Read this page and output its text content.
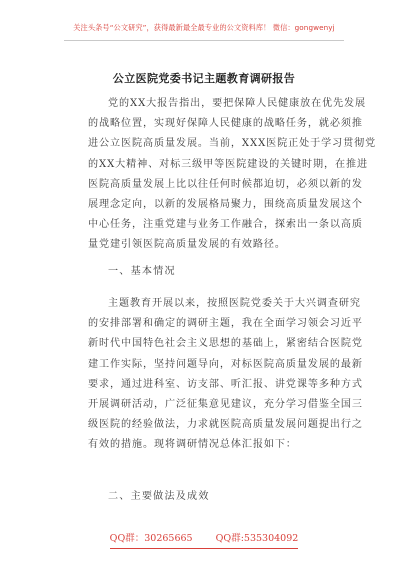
关注头条号“公文研究”，获得最新最全最专业的公文资料库！ 微信：gongwenyj
公立医院党委书记主题教育调研报告
党的XX大报告指出，要把保障人民健康放在优先发展
的战略位置，实现好保障人民健康的战略任务，就必须推
进公立医院高质量发展。当前，XXX医院正处于学习贯彻党
的XX大精神、对标三级甲等医院建设的关键时期，在推进
医院高质量发展上比以往任何时候都迫切，必须以新的发
展理念定向，以新的发展格局聚力，围绕高质量发展这个
中心任务，注重党建与业务工作融合，探索出一条以高质
量党建引领医院高质量发展的有效路径。
一、基本情况
主题教育开展以来，按照医院党委关于大兴调查研究
的安排部署和确定的调研主题，我在全面学习领会习近平
新时代中国特色社会主义思想的基础上，紧密结合医院党
建工作实际，坚持问题导向，对标医院高质量发展的最新
要求，通过进科室、访支部、听汇报、讲党课等多种方式
开展调研活动，广泛征集意见建议，充分学习借鉴全国三
级医院的经验做法，力求就医院高质量发展问题提出行之
有效的措施。现将调研情况总体汇报如下：
二、主要做法及成效
QQ群：30265665 QQ群:535304092
